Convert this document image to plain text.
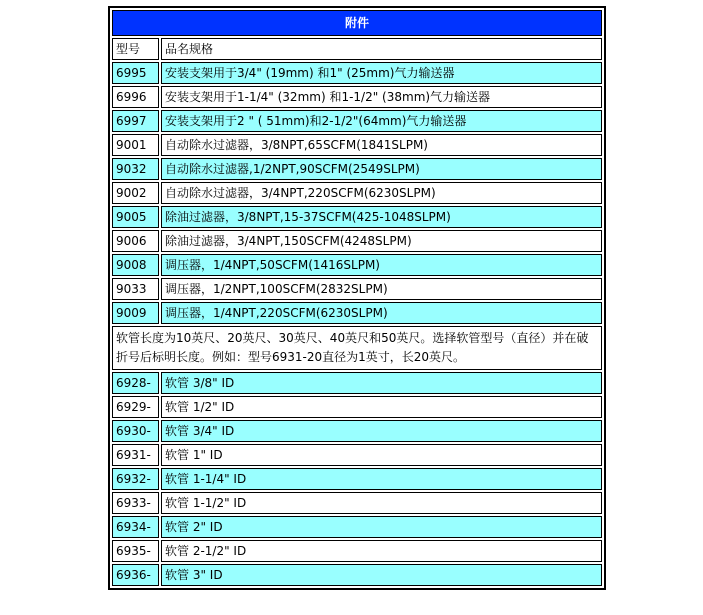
附件	
型号	品名规格
6995	安装支架用于3/4" (19mm) 和1" (25mm)气力输送器
6996	安装支架用于1-1/4" (32mm) 和1-1/2" (38mm)气力输送器
6997	安装支架用于2 " ( 51mm)和2-1/2"(64mm)气力输送器
9001	自动除水过滤器，3/8NPT,65SCFM(1841SLPM)
9032	自动除水过滤器,1/2NPT,90SCFM(2549SLPM)
9002	自动除水过滤器，3/4NPT,220SCFM(6230SLPM)
9005	除油过滤器，3/8NPT,15-37SCFM(425-1048SLPM)
9006	除油过滤器，3/4NPT,150SCFM(4248SLPM)
9008	调压器，1/4NPT,50SCFM(1416SLPM)
9033	调压器，1/2NPT,100SCFM(2832SLPM)
9009	调压器，1/4NPT,220SCFM(6230SLPM)
软管长度为10英尺、20英尺、30英尺、40英尺和50英尺。选择软管型号（直径）并在破折号后标明长度。例如：型号6931-20直径为1英寸，长20英尺。	
6928-	软管 3/8" ID
6929-	软管 1/2" ID
6930-	软管 3/4" ID
6931-	软管 1" ID
6932-	软管 1-1/4" ID
6933-	软管 1-1/2" ID
6934-	软管 2" ID
6935-	软管 2-1/2" ID
6936-	软管 3" ID
